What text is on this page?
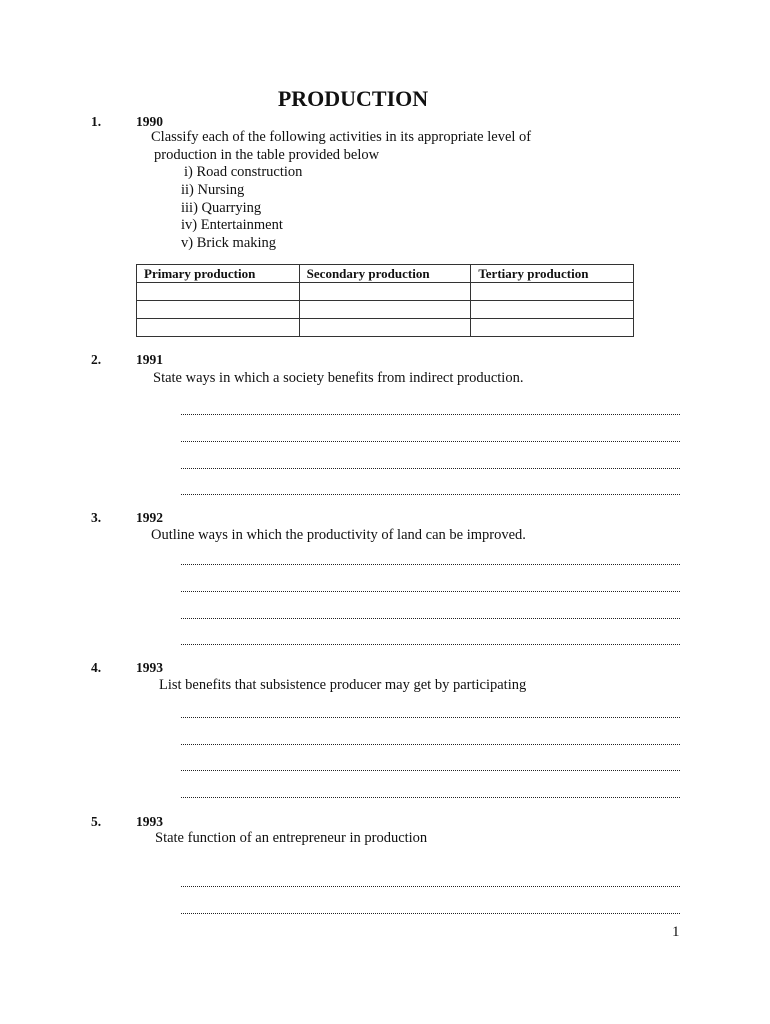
PRODUCTION
1.	1990
Classify each of the following activities in its appropriate level of
production in the table provided below
i) Road construction
ii) Nursing
iii) Quarrying
iv) Entertainment
v) Brick making
Primary production	Secondary production	Tertiary production

2.	1991
State ways in which a society benefits from indirect production.
3.	1992
Outline ways in which the productivity of land can be improved.
4.	1993
List benefits that subsistence producer may get by participating
5.	1993
State function of an entrepreneur in production
1
